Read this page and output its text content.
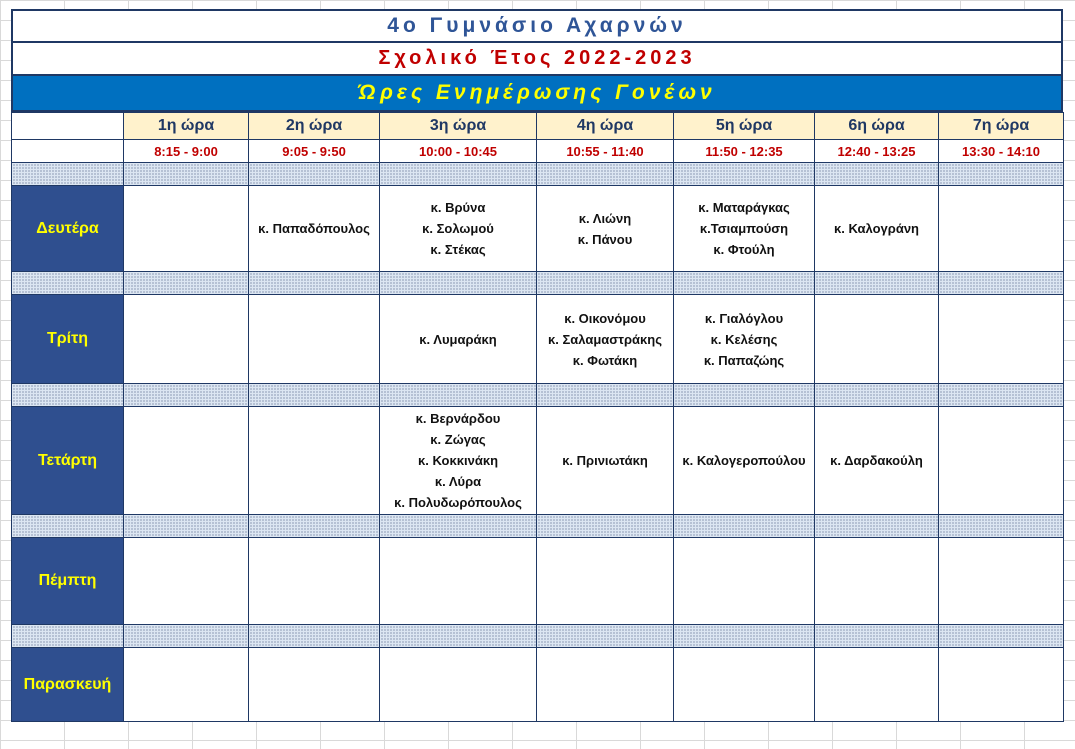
4ο Γυμνάσιο Αχαρνών
Σχολικό Έτος 2022-2023
Ώρες Ενημέρωσης Γονέων
	1η ώρα	2η ώρα	3η ώρα	4η ώρα	5η ώρα	6η ώρα	7η ώρα
	8:15 - 9:00	9:05 - 9:50	10:00 - 10:45	10:55 - 11:40	11:50 - 12:35	12:40 - 13:25	13:30 - 14:10

Δευτέρα		κ. Παπαδόπουλος	κ. Βρύνα
κ. Σολωμού
κ. Στέκας	κ. Λιώνη
κ. Πάνου	κ. Ματαράγκας
κ.Τσιαμπούση
κ. Φτούλη	κ. Καλογράνη	

Τρίτη			κ. Λυμαράκη	κ. Οικονόμου
κ. Σαλαμαστράκης
κ. Φωτάκη	κ. Γιαλόγλου
κ. Κελέσης
κ. Παπαζώης		

Τετάρτη			κ. Βερνάρδου
κ. Ζώγας
κ. Κοκκινάκη
κ. Λύρα
κ. Πολυδωρόπουλος	κ. Πρινιωτάκη	κ. Καλογεροπούλου	κ. Δαρδακούλη	

Πέμπτη							

Παρασκευή							
